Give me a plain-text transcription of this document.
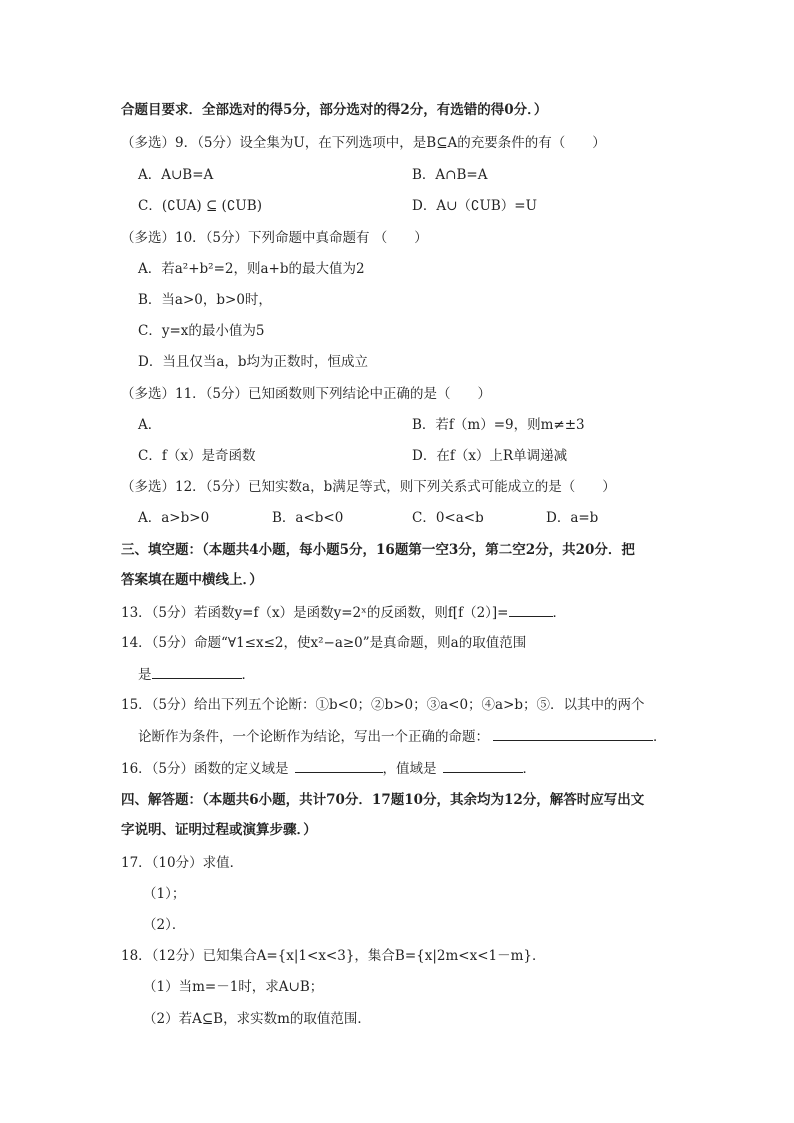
合题目要求．全部选对的得5分，部分选对的得2分，有选错的得0分．）
（多选）9．（5分）设全集为U，在下列选项中，是B⊆A的充要条件的有（　　）
A．A∪B=A	B．A∩B=A
C．(∁UA) ⊆ (∁UB)	D．A∪（∁UB）=U
（多选）10．（5分）下列命题中真命题有 （　　）
A．若a²+b²=2，则a+b的最大值为2
B．当a>0，b>0时，
C．y=x的最小值为5
D．当且仅当a，b均为正数时，恒成立
（多选）11．（5分）已知函数则下列结论中正确的是（　　）
A．	B．若f（m）=9，则m≠±3
C．f（x）是奇函数	D．在f（x）上R单调递减
（多选）12．（5分）已知实数a，b满足等式，则下列关系式可能成立的是（　　）
A．a>b>0	B．a<b<0	C．0<a<b	D．a=b
三、填空题：（本题共4小题，每小题5分，16题第一空3分，第二空2分，共20分．把
答案填在题中横线上．）
13．（5分）若函数y=f（x）是函数y=2ˣ的反函数，则f[f（2）]=	．
14．（5分）命题“∀1≤x≤2，使x²−a≥0”是真命题，则a的取值范围
是	．
15．（5分）给出下列五个论断：①b<0；②b>0；③a<0；④a>b；⑤．以其中的两个
论断作为条件，一个论断作为结论，写出一个正确的命题：	．
16．（5分）函数的定义域是	，值域是	．
四、解答题：（本题共6小题，共计70分．17题10分，其余均为12分，解答时应写出文
字说明、证明过程或演算步骤．）
17．（10分）求值．
（1）；
（2）．
18．（12分）已知集合A={x|1<x<3}，集合B={x|2m<x<1－m}．
（1）当m=－1时，求A∪B；
（2）若A⊆B，求实数m的取值范围．
